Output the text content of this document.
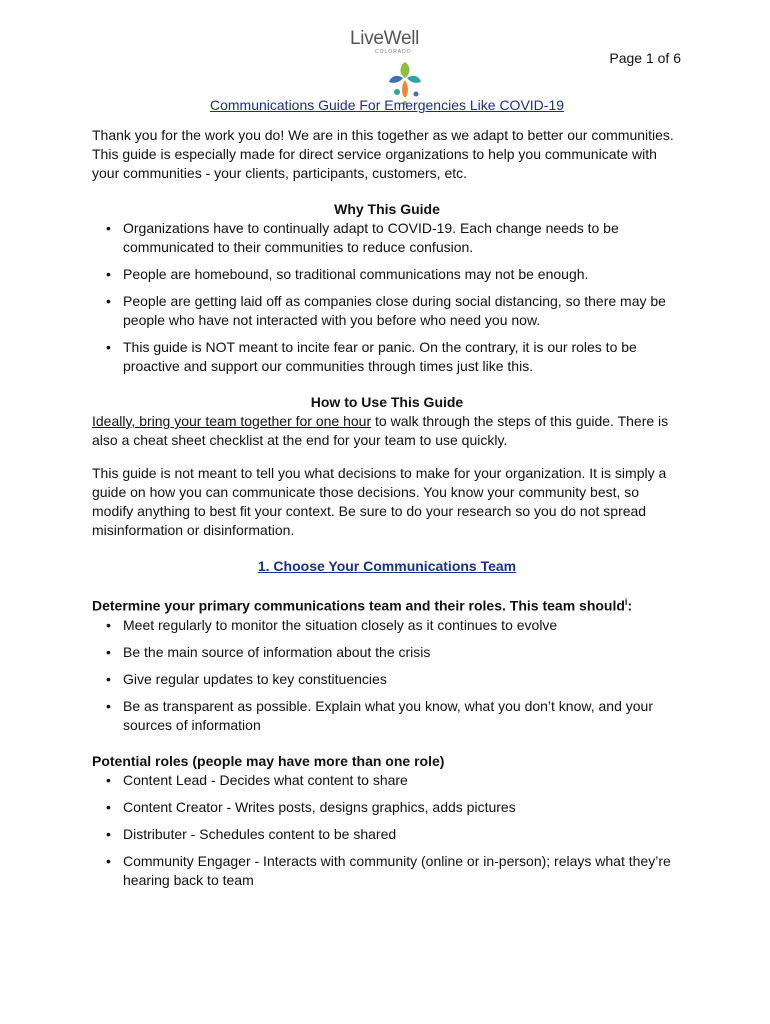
LiveWell
COLORADO	Page 1 of 6

Communications Guide For Emergencies Like COVID-19

Thank you for the work you do! We are in this together as we adapt to better our communities. This guide is especially made for direct service organizations to help you communicate with your communities - your clients, participants, customers, etc.

Why This Guide

• Organizations have to continually adapt to COVID-19. Each change needs to be communicated to their communities to reduce confusion.
• People are homebound, so traditional communications may not be enough.
• People are getting laid off as companies close during social distancing, so there may be people who have not interacted with you before who need you now.
• This guide is NOT meant to incite fear or panic. On the contrary, it is our roles to be proactive and support our communities through times just like this.

How to Use This Guide

Ideally, bring your team together for one hour to walk through the steps of this guide. There is also a cheat sheet checklist at the end for your team to use quickly.

This guide is not meant to tell you what decisions to make for your organization. It is simply a guide on how you can communicate those decisions. You know your community best, so modify anything to best fit your context. Be sure to do your research so you do not spread misinformation or disinformation.

1. Choose Your Communications Team

Determine your primary communications team and their roles. This team should$^i$:

• Meet regularly to monitor the situation closely as it continues to evolve
• Be the main source of information about the crisis
• Give regular updates to key constituencies
• Be as transparent as possible. Explain what you know, what you don’t know, and your sources of information

Potential roles (people may have more than one role)

• Content Lead - Decides what content to share
• Content Creator - Writes posts, designs graphics, adds pictures
• Distributer - Schedules content to be shared
• Community Engager - Interacts with community (online or in-person); relays what they’re hearing back to team
